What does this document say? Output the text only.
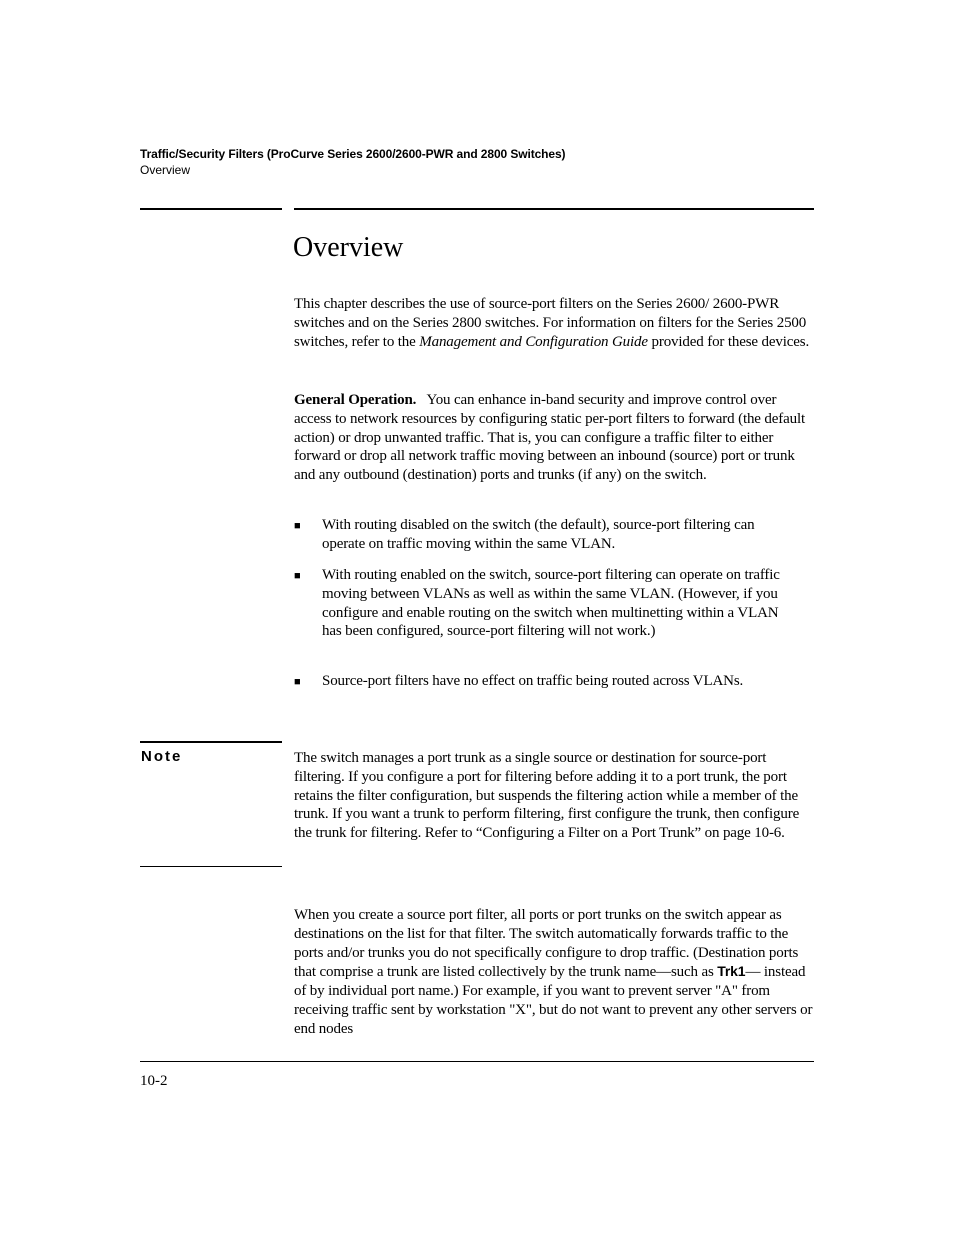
Traffic/Security Filters (ProCurve Series 2600/2600-PWR and 2800 Switches)
Overview
Overview

This chapter describes the use of source-port filters on the Series 2600/ 2600-PWR switches and on the Series 2800 switches. For information on filters for the Series 2500 switches, refer to the Management and Configuration Guide provided for these devices.

General Operation. You can enhance in-band security and improve control over access to network resources by configuring static per-port filters to forward (the default action) or drop unwanted traffic. That is, you can configure a traffic filter to either forward or drop all network traffic moving between an inbound (source) port or trunk and any outbound (destination) ports and trunks (if any) on the switch.

■ With routing disabled on the switch (the default), source-port filtering can operate on traffic moving within the same VLAN.
■ With routing enabled on the switch, source-port filtering can operate on traffic moving between VLANs as well as within the same VLAN. (However, if you configure and enable routing on the switch when multinetting within a VLAN has been configured, source-port filtering will not work.)
■ Source-port filters have no effect on traffic being routed across VLANs.
Note	The switch manages a port trunk as a single source or destination for source-port filtering. If you configure a port for filtering before adding it to a port trunk, the port retains the filter configuration, but suspends the filtering action while a member of the trunk. If you want a trunk to perform filtering, first configure the trunk, then configure the trunk for filtering. Refer to “Configuring a Filter on a Port Trunk” on page 10-6.

When you create a source port filter, all ports or port trunks on the switch appear as destinations on the list for that filter. The switch automatically forwards traffic to the ports and/or trunks you do not specifically configure to drop traffic. (Destination ports that comprise a trunk are listed collectively by the trunk name—such as Trk1— instead of by individual port name.) For example, if you want to prevent server "A" from receiving traffic sent by workstation "X", but do not want to prevent any other servers or end nodes

10-2
